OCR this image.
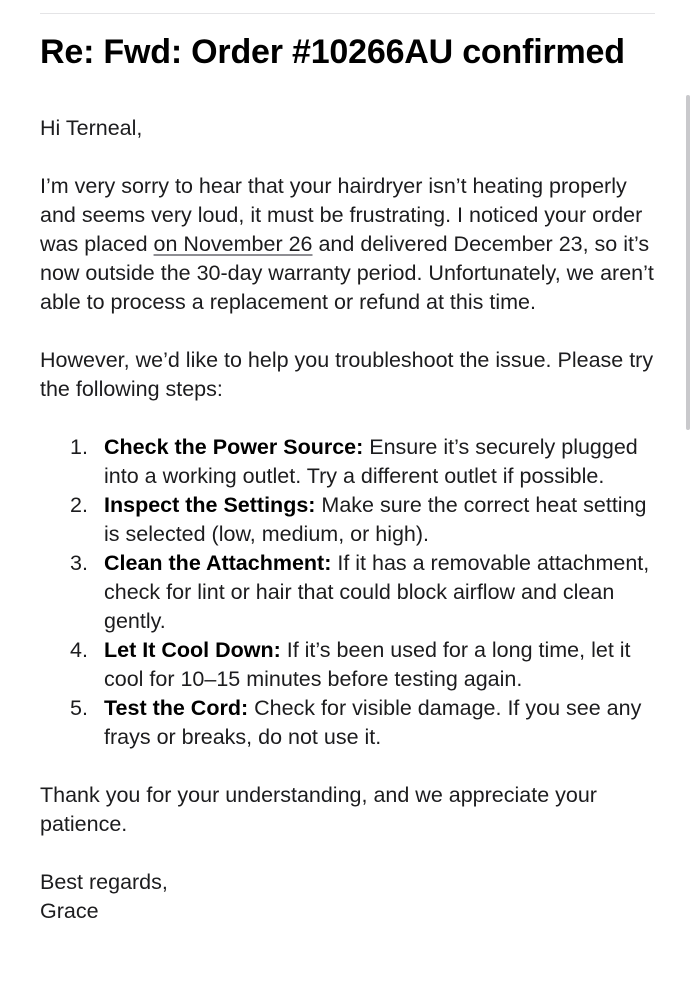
Re: Fwd: Order #10266AU confirmed

Hi Terneal,

I’m very sorry to hear that your hairdryer isn’t heating properly and seems very loud, it must be frustrating. I noticed your order was placed on November 26 and delivered December 23, so it’s now outside the 30-day warranty period. Unfortunately, we aren’t able to process a replacement or refund at this time.

However, we’d like to help you troubleshoot the issue. Please try the following steps:

1. Check the Power Source: Ensure it’s securely plugged into a working outlet. Try a different outlet if possible.
2. Inspect the Settings: Make sure the correct heat setting is selected (low, medium, or high).
3. Clean the Attachment: If it has a removable attachment, check for lint or hair that could block airflow and clean gently.
4. Let It Cool Down: If it’s been used for a long time, let it cool for 10–15 minutes before testing again.
5. Test the Cord: Check for visible damage. If you see any frays or breaks, do not use it.

Thank you for your understanding, and we appreciate your patience.

Best regards,

Grace
